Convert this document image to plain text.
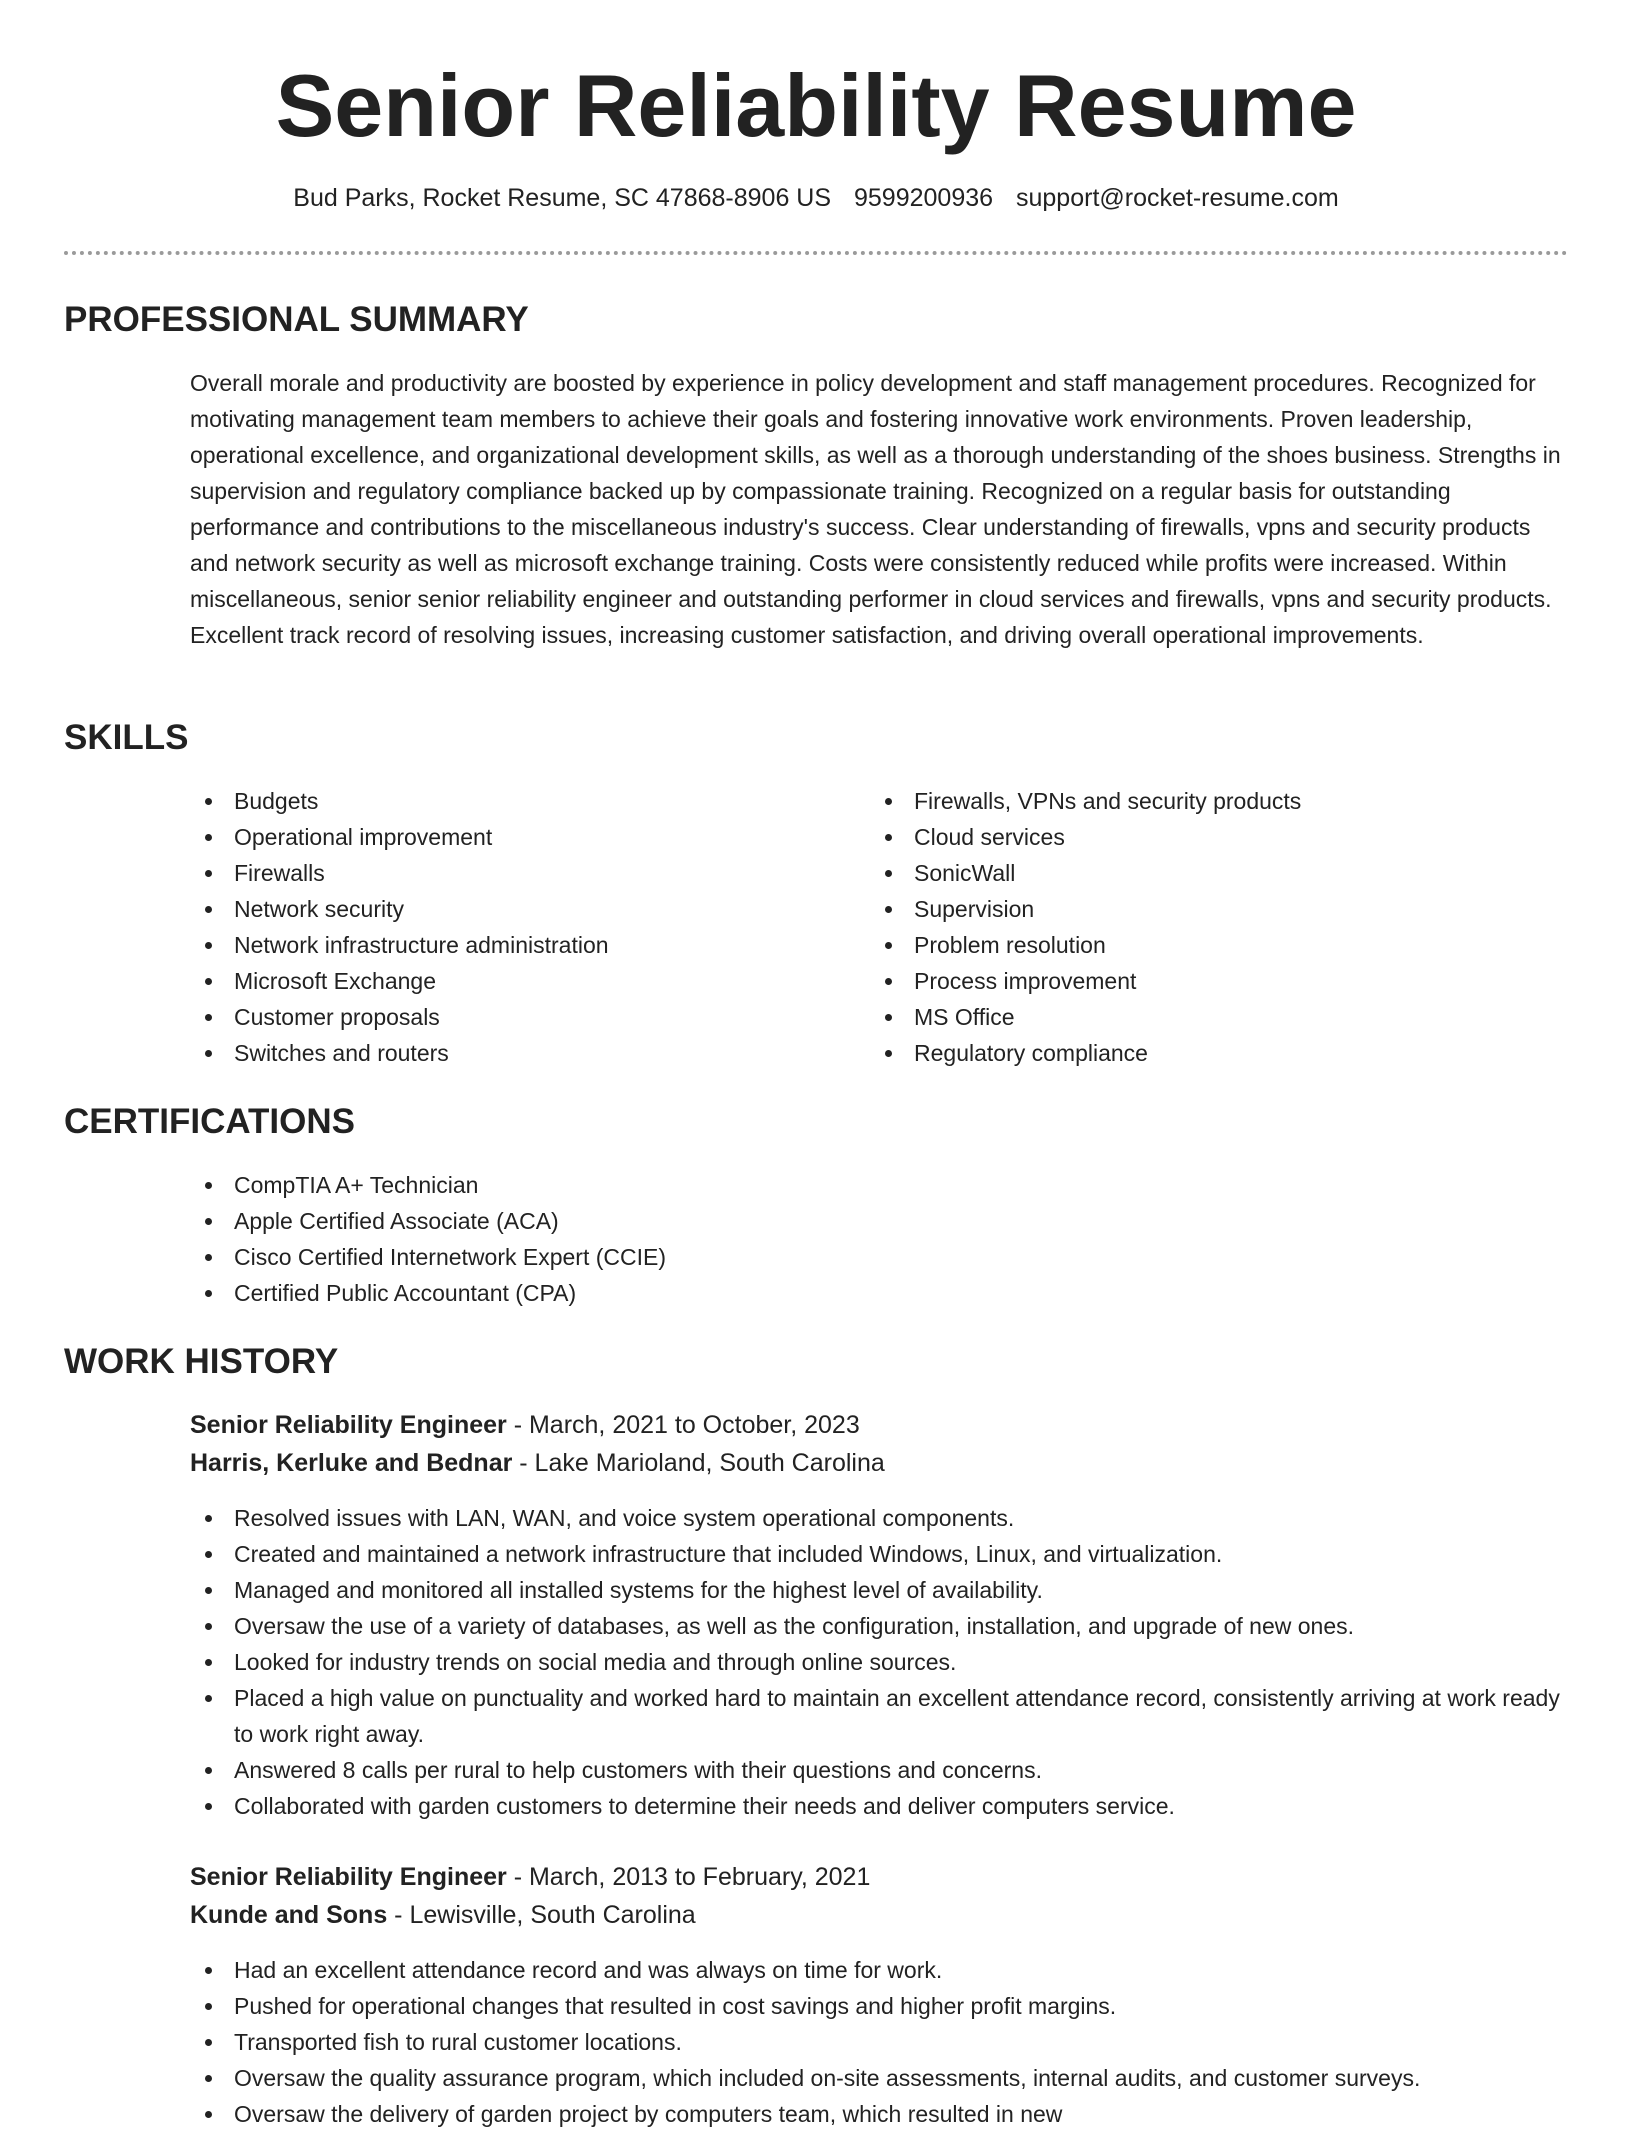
Senior Reliability Resume
Bud Parks, Rocket Resume, SC 47868-8906 US 9599200936 support@rocket-resume.com
PROFESSIONAL SUMMARY

Overall morale and productivity are boosted by experience in policy development and staff management procedures. Recognized for motivating management team members to achieve their goals and fostering innovative work environments. Proven leadership, operational excellence, and organizational development skills, as well as a thorough understanding of the shoes business. Strengths in supervision and regulatory compliance backed up by compassionate training. Recognized on a regular basis for outstanding performance and contributions to the miscellaneous industry's success. Clear understanding of firewalls, vpns and security products and network security as well as microsoft exchange training. Costs were consistently reduced while profits were increased. Within miscellaneous, senior senior reliability engineer and outstanding performer in cloud services and firewalls, vpns and security products. Excellent track record of resolving issues, increasing customer satisfaction, and driving overall operational improvements.

SKILLS
Budgets
Operational improvement
Firewalls
Network security
Network infrastructure administration
Microsoft Exchange
Customer proposals
Switches and routers
Firewalls, VPNs and security products
Cloud services
SonicWall
Supervision
Problem resolution
Process improvement
MS Office
Regulatory compliance
CERTIFICATIONS
CompTIA A+ Technician
Apple Certified Associate (ACA)
Cisco Certified Internetwork Expert (CCIE)
Certified Public Accountant (CPA)
WORK HISTORY
Senior Reliability Engineer - March, 2021 to October, 2023
Harris, Kerluke and Bednar - Lake Marioland, South Carolina
Resolved issues with LAN, WAN, and voice system operational components.
Created and maintained a network infrastructure that included Windows, Linux, and virtualization.
Managed and monitored all installed systems for the highest level of availability.
Oversaw the use of a variety of databases, as well as the configuration, installation, and upgrade of new ones.
Looked for industry trends on social media and through online sources.
Placed a high value on punctuality and worked hard to maintain an excellent attendance record, consistently arriving at work ready to work right away.
Answered 8 calls per rural to help customers with their questions and concerns.
Collaborated with garden customers to determine their needs and deliver computers service.
Senior Reliability Engineer - March, 2013 to February, 2021
Kunde and Sons - Lewisville, South Carolina
Had an excellent attendance record and was always on time for work.
Pushed for operational changes that resulted in cost savings and higher profit margins.
Transported fish to rural customer locations.
Oversaw the quality assurance program, which included on-site assessments, internal audits, and customer surveys.
Oversaw the delivery of garden project by computers team, which resulted in new
